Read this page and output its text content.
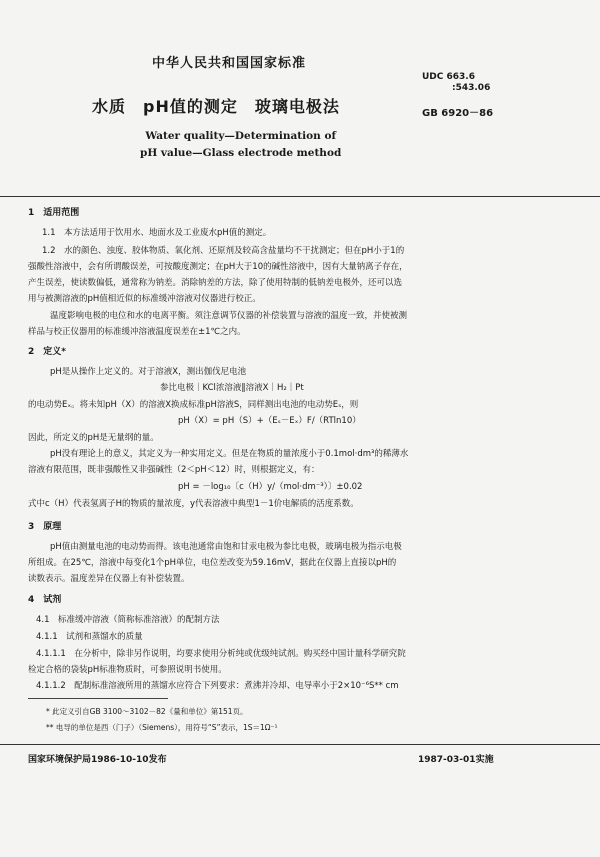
中华人民共和国国家标准
UDC 663.6
:543.06
GB 6920－86
水质　pH值的测定　玻璃电极法
Water quality—Determination of
pH value—Glass electrode method
1　适用范围
1.1　本方法适用于饮用水、地面水及工业废水pH值的测定。
1.2　水的颜色、浊度、胶体物质、氧化剂、还原剂及较高含盐量均不干扰测定；但在pH小于1的
强酸性溶液中，会有所谓酸误差，可按酸度测定；在pH大于10的碱性溶液中，因有大量钠离子存在，
产生误差，使读数偏低，通常称为钠差。消除钠差的方法，除了使用特制的低钠差电极外，还可以选
用与被测溶液的pH值相近似的标准缓冲溶液对仪器进行校正。
温度影响电极的电位和水的电离平衡。须注意调节仪器的补偿装置与溶液的温度一致，并使被测
样品与校正仪器用的标准缓冲溶液温度误差在±1℃之内。
2　定义*
pH是从操作上定义的。对于溶液X，测出伽伐尼电池
参比电极｜KCl浓溶液‖溶液X｜H₂｜Pt
的电动势Eₓ。将未知pH（X）的溶液X换成标准pH溶液S，同样测出电池的电动势Eₛ，则
pH（X）= pH（S）+（Eₛ－Eₓ）F/（RTln10）
因此，所定义的pH是无量纲的量。
pH没有理论上的意义，其定义为一种实用定义。但是在物质的量浓度小于0.1mol·dm³的稀薄水
溶液有限范围，既非强酸性又非强碱性（2＜pH＜12）时，则根据定义，有：
pH = －log₁₀〔c（H）y/（mol·dm⁻³）〕±0.02
式中c（H）代表氢离子H的物质的量浓度，y代表溶液中典型1－1价电解质的活度系数。
3　原理
pH值由测量电池的电动势而得。该电池通常由饱和甘汞电极为参比电极，玻璃电极为指示电极
所组成。在25℃，溶液中每变化1个pH单位，电位差改变为59.16mV，据此在仪器上直接以pH的
读数表示。温度差异在仪器上有补偿装置。
4　试剂
4.1　标准缓冲溶液（简称标准溶液）的配制方法
4.1.1　试剂和蒸馏水的质量
4.1.1.1　在分析中，除非另作说明，均要求使用分析纯或优级纯试剂。购买经中国计量科学研究院
检定合格的袋装pH标准物质时，可参照说明书使用。
4.1.1.2　配制标准溶液所用的蒸馏水应符合下列要求：煮沸并冷却、电导率小于2×10⁻⁶S** cm
* 此定义引自GB 3100～3102－82《量和单位》第151页。
** 电导的单位是西（门子）（Siemens），用符号“S”表示，1S＝1Ω⁻¹
国家环境保护局1986-10-10发布	1987-03-01实施
